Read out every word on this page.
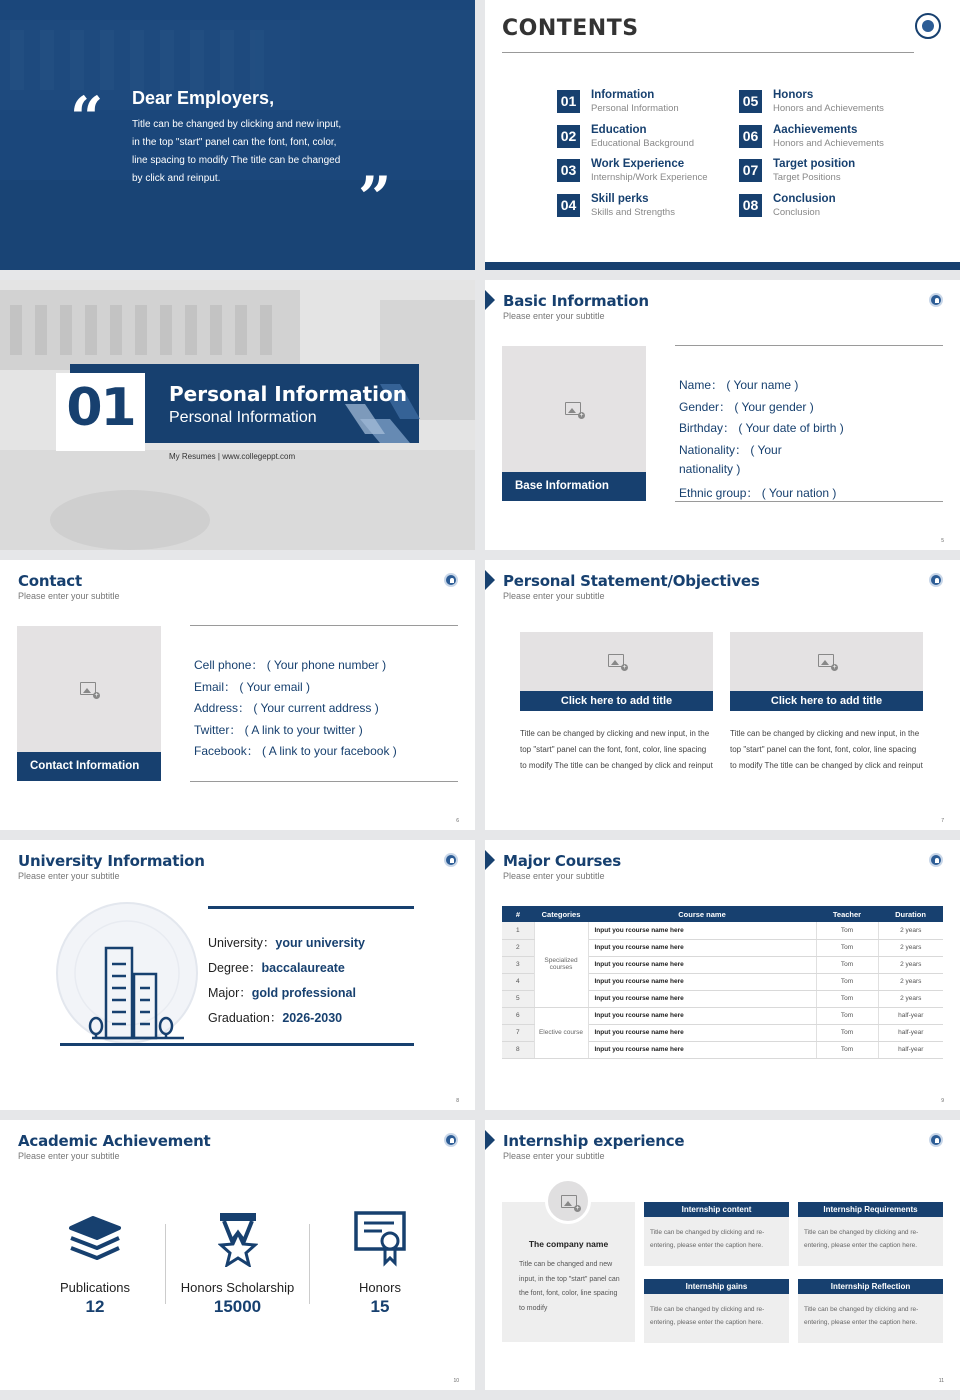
“ Dear Employers,
Title can be changed by clicking and new input, in the top "start" panel can the font, font, color, line spacing to modify The title can be changed by click and reinput.	”
CONTENTS
01	Information
Personal Information
02	Education
Educational Background
03	Work Experience
Internship/Work Experience
04	Skill perks
Skills and Strengths
05	Honors
Honors and Achievements
06	Aachievements
Honors and Achievements
07	Target position
Target Positions
08	Conclusion
Conclusion
01	Personal Information
Personal Information
My Resumes | www.collegeppt.com
Basic Information
Please enter your subtitle
+
Base Information
Name： ( Your name )
Gender： ( Your gender )
Birthday： ( Your date of birth )
Nationality： ( Your
nationality )
Ethnic group： ( Your nation )
5
Contact
Please enter your subtitle
+
Contact Information
Cell phone： ( Your phone number )
Email： ( Your email )
Address： ( Your current address )
Twitter： ( A link to your twitter )
Facebook： ( A link to your facebook )
6
Personal Statement/Objectives
Please enter your subtitle
+
Click here to add title
Title can be changed by clicking and new input, in the top "start" panel can the font, font, color, line spacing to modify The title can be changed by click and reinput
+
Click here to add title
Title can be changed by clicking and new input, in the top "start" panel can the font, font, color, line spacing to modify The title can be changed by click and reinput
7
University Information
Please enter your subtitle
University：your university
Degree：baccalaureate
Major：gold professional
Graduation：2026-2030
8
Major Courses
Please enter your subtitle
#	Categories	Course name	Teacher	Duration
1	Specialized courses	Input you rcourse name here	Tom	2 years
2		Input you rcourse name here	Tom	2 years
3		Input you rcourse name here	Tom	2 years
4		Input you rcourse name here	Tom	2 years
5		Input you rcourse name here	Tom	2 years
6	Elective course	Input you rcourse name here	Tom	half-year
7		Input you rcourse name here	Tom	half-year
8		Input you rcourse name here	Tom	half-year
9
Academic Achievement
Please enter your subtitle
Publications
12
Honors Scholarship
15000
Honors
15
10
Internship experience
Please enter your subtitle
+
The company name
Title can be changed and new input, in the top "start" panel can the font, font, color, line spacing to modify
Internship content
Title can be changed by clicking and re-entering, please enter the caption here.
Internship Requirements
Title can be changed by clicking and re-entering, please enter the caption here.
Internship gains
Title can be changed by clicking and re-entering, please enter the caption here.
Internship Reflection
Title can be changed by clicking and re-entering, please enter the caption here.
11
